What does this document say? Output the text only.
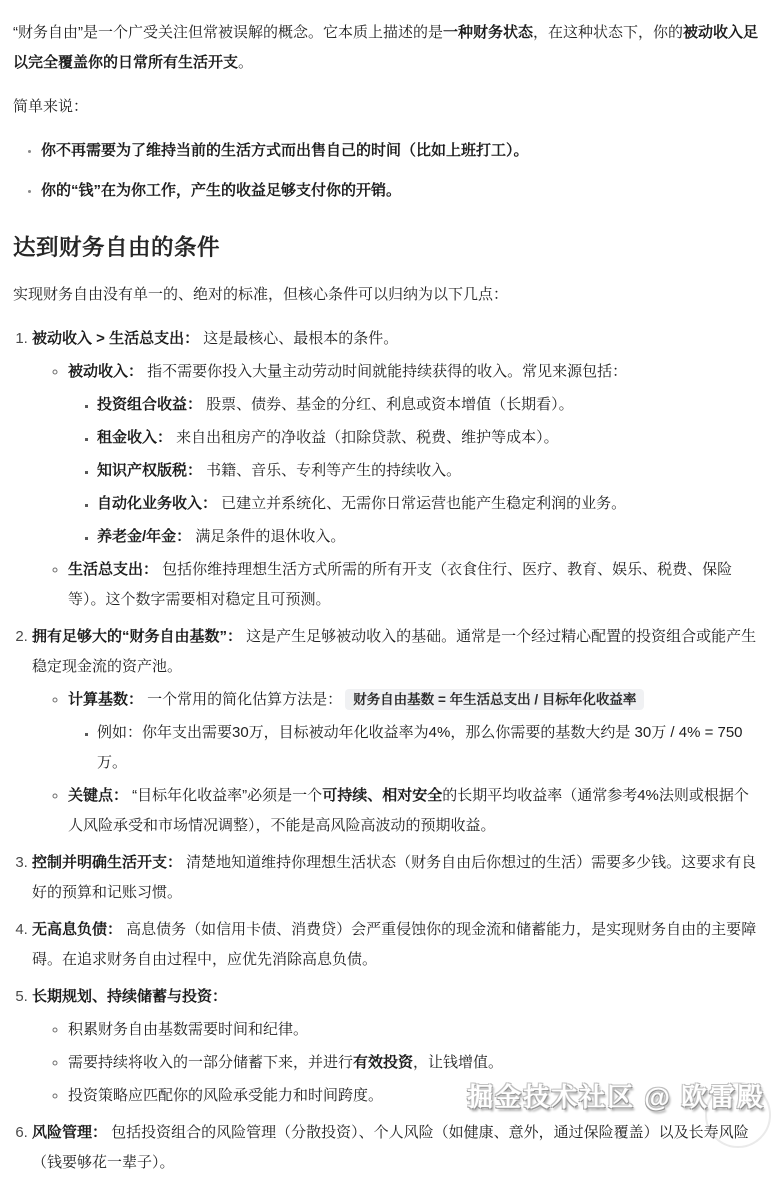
“财务自由”是一个广受关注但常被误解的概念。它本质上描述的是一种财务状态，在这种状态下，你的被动收入足以完全覆盖你的日常所有生活开支。

简单来说：

• 你不再需要为了维持当前的生活方式而出售自己的时间（比如上班打工）。
• 你的“钱”在为你工作，产生的收益足够支付你的开销。
达到财务自由的条件

实现财务自由没有单一的、绝对的标准，但核心条件可以归纳为以下几点：

1. 被动收入 > 生活总支出： 这是最核心、最根本的条件。
◦ 被动收入： 指不需要你投入大量主动劳动时间就能持续获得的收入。常见来源包括：
▪ 投资组合收益： 股票、债券、基金的分红、利息或资本增值（长期看）。
▪ 租金收入： 来自出租房产的净收益（扣除贷款、税费、维护等成本）。
▪ 知识产权版税： 书籍、音乐、专利等产生的持续收入。
▪ 自动化业务收入： 已建立并系统化、无需你日常运营也能产生稳定利润的业务。
▪ 养老金/年金： 满足条件的退休收入。
◦ 生活总支出： 包括你维持理想生活方式所需的所有开支（衣食住行、医疗、教育、娱乐、税费、保险等）。这个数字需要相对稳定且可预测。
2. 拥有足够大的“财务自由基数”： 这是产生足够被动收入的基础。通常是一个经过精心配置的投资组合或能产生稳定现金流的资产池。
◦ 计算基数： 一个常用的简化估算方法是： 财务自由基数 = 年生活总支出 / 目标年化收益率
▪ 例如：你年支出需要30万，目标被动年化收益率为4%，那么你需要的基数大约是 30万 / 4% = 750万。
◦ 关键点： “目标年化收益率”必须是一个可持续、相对安全的长期平均收益率（通常参考4%法则或根据个人风险承受和市场情况调整），不能是高风险高波动的预期收益。
3. 控制并明确生活开支： 清楚地知道维持你理想生活状态（财务自由后你想过的生活）需要多少钱。这要求有良好的预算和记账习惯。
4. 无高息负债： 高息债务（如信用卡债、消费贷）会严重侵蚀你的现金流和储蓄能力，是实现财务自由的主要障碍。在追求财务自由过程中，应优先消除高息负债。
5. 长期规划、持续储蓄与投资：
◦ 积累财务自由基数需要时间和纪律。
◦ 需要持续将收入的一部分储蓄下来，并进行有效投资，让钱增值。
◦ 投资策略应匹配你的风险承受能力和时间跨度。
6. 风险管理： 包括投资组合的风险管理（分散投资）、个人风险（如健康、意外，通过保险覆盖）以及长寿风险（钱要够花一辈子）。
掘金技术社区 @ 欧雷殿
